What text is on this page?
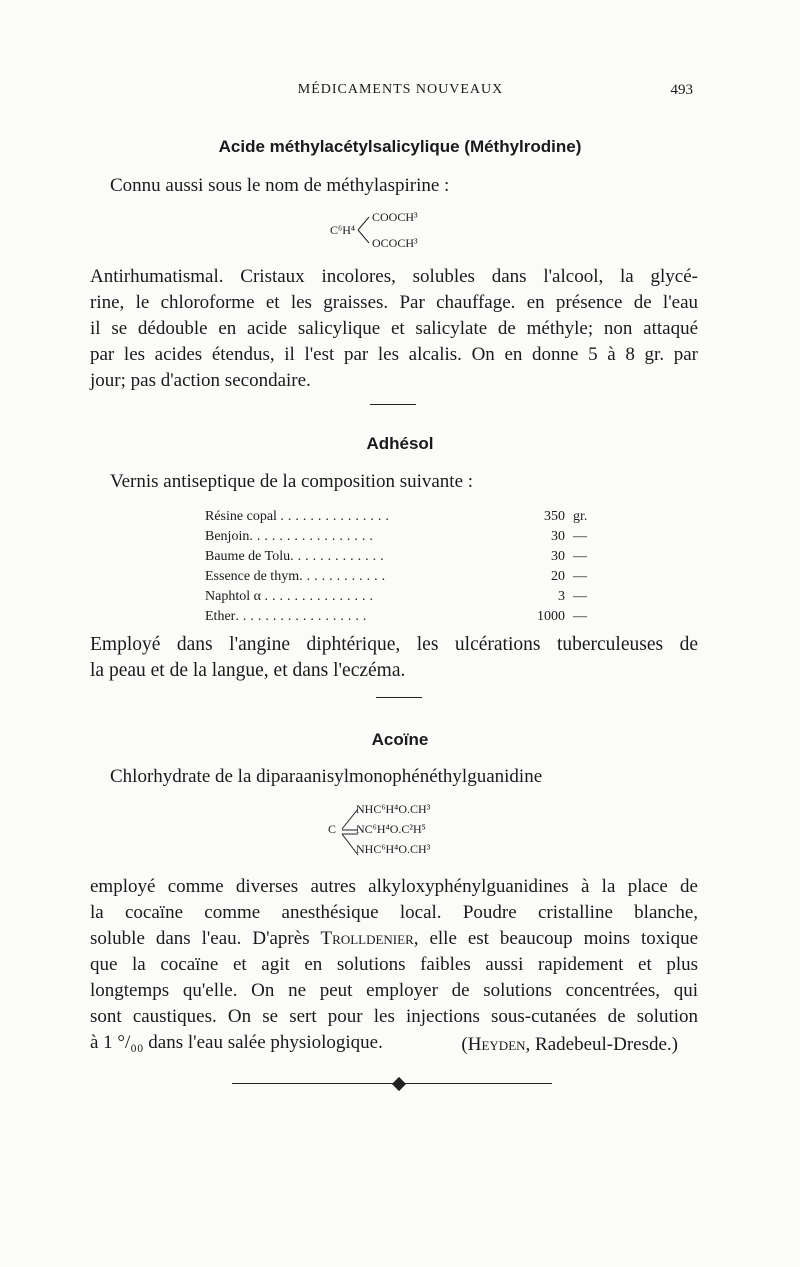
MÉDICAMENTS NOUVEAUX	493
Acide méthylacétylsalicylique (Méthylrodine)
Connu aussi sous le nom de méthylaspirine :
C⁶H⁴
COOCH³
OCOCH³
Antirhumatismal. Cristaux incolores, solubles dans l'alcool, la glycé-
rine, le chloroforme et les graisses. Par chauffage. en présence de l'eau
il se dédouble en acide salicylique et salicylate de méthyle; non attaqué
par les acides étendus, il l'est par les alcalis. On en donne 5 à 8 gr. par
jour; pas d'action secondaire.
Adhésol
Vernis antiseptique de la composition suivante :
Résine copal ...............	350	gr.
Benjoin.................	30	—
Baume de Tolu.............	30	—
Essence de thym............	20	—
Naphtol α ...............	3	—
Ether..................	1000	—
Employé dans l'angine diphtérique, les ulcérations tuberculeuses de
la peau et de la langue, et dans l'eczéma.
Acoïne
Chlorhydrate de la diparaanisylmonophénéthylguanidine
C
NHC⁶H⁴O.CH³
NC⁶H⁴O.C²H⁵
NHC⁶H⁴O.CH³
employé comme diverses autres alkyloxyphénylguanidines à la place de
la cocaïne comme anesthésique local. Poudre cristalline blanche,
soluble dans l'eau. D'après Trolldenier, elle est beaucoup moins toxique
que la cocaïne et agit en solutions faibles aussi rapidement et plus
longtemps qu'elle. On ne peut employer de solutions concentrées, qui
sont caustiques. On se sert pour les injections sous-cutanées de solution
à 1 °/₀₀ dans l'eau salée physiologique.	(Heyden, Radebeul-Dresde.)
